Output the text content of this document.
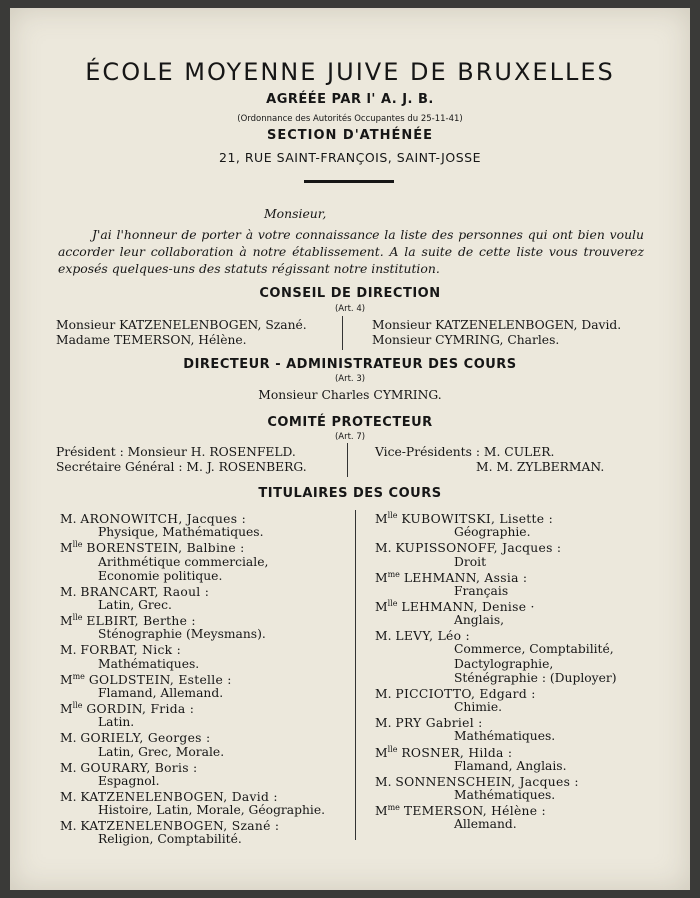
ÉCOLE MOYENNE JUIVE DE BRUXELLES
AGRÉÉE PAR l' A. J. B.
(Ordonnance des Autorités Occupantes du 25-11-41)
SECTION D'ATHÉNÉE
21, RUE SAINT-FRANÇOIS, SAINT-JOSSE
Monsieur,
J'ai l'honneur de porter à votre connaissance la liste des personnes qui ont bien voulu accorder leur collaboration à notre établissement. A la suite de cette liste vous trouverez exposés quelques-uns des statuts régissant notre institution.
CONSEIL DE DIRECTION
(Art. 4)
Monsieur KATZENELENBOGEN, Szané.
Madame TEMERSON, Hélène.
Monsieur KATZENELENBOGEN, David.
Monsieur CYMRING, Charles.
DIRECTEUR - ADMINISTRATEUR DES COURS
(Art. 3)
Monsieur Charles CYMRING.
COMITÉ PROTECTEUR
(Art. 7)
Président : Monsieur H. ROSENFELD.
Secrétaire Général : M. J. ROSENBERG.
Vice-Présidents : M. CULER.
M. M. ZYLBERMAN.
TITULAIRES DES COURS
M. ARONOWITCH, Jacques :
Physique, Mathématiques.
$M^{lle}$ BORENSTEIN, Balbine :
Arithmétique commerciale,
Economie politique.
M. BRANCART, Raoul :
Latin, Grec.
$M^{lle}$ ELBIRT, Berthe :
Sténographie (Meysmans).
M. FORBAT, Nick :
Mathématiques.
$M^{me}$ GOLDSTEIN, Estelle :
Flamand, Allemand.
$M^{lle}$ GORDIN, Frida :
Latin.
M. GORIELY, Georges :
Latin, Grec, Morale.
M. GOURARY, Boris :
Espagnol.
M. KATZENELENBOGEN, David :
Histoire, Latin, Morale, Géographie.
M. KATZENELENBOGEN, Szané :
Religion, Comptabilité.
$M^{lle}$ KUBOWITSKI, Lisette :
Géographie.
M. KUPISSONOFF, Jacques :
Droit
$M^{me}$ LEHMANN, Assia :
Français
$M^{lle}$ LEHMANN, Denise ·
Anglais,
M. LEVY, Léo :
Commerce, Comptabilité,
Dactylographie,
Sténégraphie : (Duployer)
M. PICCIOTTO, Edgard :
Chimie.
M. PRY Gabriel :
Mathématiques.
$M^{lle}$ ROSNER, Hilda :
Flamand, Anglais.
M. SONNENSCHEIN, Jacques :
Mathématiques.
$M^{me}$ TEMERSON, Hélène :
Allemand.
